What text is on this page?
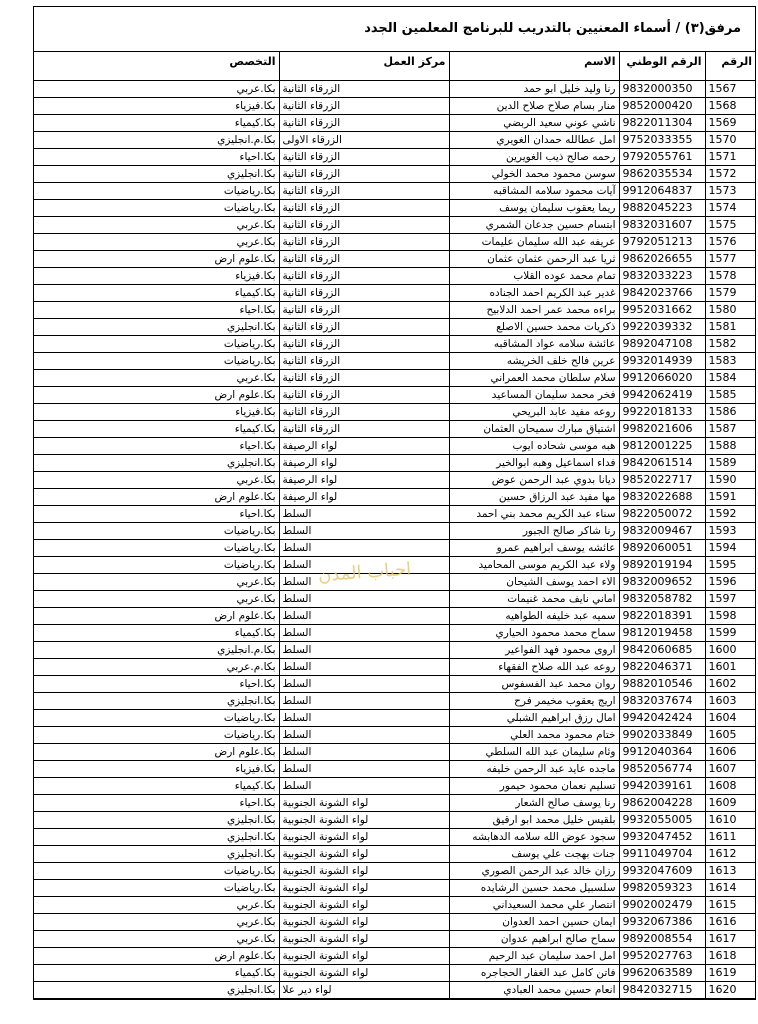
مرفق(٣) / أسماء المعنيين بالتدريب للبرنامج المعلمين الجدد
الرقم	الرقم الوطني	الاسم	مركز العمل	التخصص
1567	9832000350	رنا وليد خليل ابو حمد	الزرقاء الثانية	بكا.عربي
1568	9852000420	منار بسام صلاح صلاح الدين	الزرقاء الثانية	بكا.فيزياء
1569	9822011304	ناشي عوني سعيد الربضي	الزرقاء الثانية	بكا.كيمياء
1570	9752033355	امل عطالله حمدان الغويري	الزرقاء الاولى	بكا.م.انجليزي
1571	9792055761	رحمه صالح ذيب الغويرين	الزرقاء الثانية	بكا.احياء
1572	9862035534	سوسن محمود محمد الخولي	الزرقاء الثانية	بكا.انجليزي
1573	9912064837	آيات محمود سلامه المشاقبه	الزرقاء الثانية	بكا.رياضيات
1574	9882045223	ريما يعقوب سليمان يوسف	الزرقاء الثانية	بكا.رياضيات
1575	9832031607	ابتسام حسين جدعان الشمري	الزرقاء الثانية	بكا.عربي
1576	9792051213	عريفه عبد الله سليمان عليمات	الزرقاء الثانية	بكا.عربي
1577	9862026655	ثريا عبد الرحمن عثمان عثمان	الزرقاء الثانية	بكا.علوم ارض
1578	9832033223	تمام محمد عوده القلاب	الزرقاء الثانية	بكا.فيزياء
1579	9842023766	غدير عبد الكريم احمد الجناده	الزرقاء الثانية	بكا.كيمياء
1580	9952031662	براءه محمد عمر احمد الدلابيح	الزرقاء الثانية	بكا.احياء
1581	9922039332	ذكريات محمد حسين الاصلع	الزرقاء الثانية	بكا.انجليزي
1582	9892047108	عائشة سلامه عواد المشاقبه	الزرقاء الثانية	بكا.رياضيات
1583	9932014939	عرين فالح خلف الخريشه	الزرقاء الثانية	بكا.رياضيات
1584	9912066020	سلام سلطان محمد العمراني	الزرقاء الثانية	بكا.عربي
1585	9942062419	فخر محمد سليمان المساعيد	الزرقاء الثانية	بكا.علوم ارض
1586	9922018133	روعه مفيد عابد البريحي	الزرقاء الثانية	بكا.فيزياء
1587	9982021606	اشتياق مبارك سميحان العثمان	الزرقاء الثانية	بكا.كيمياء
1588	9812001225	هبه موسى شحاده ايوب	لواء الرصيفة	بكا.احياء
1589	9842061514	فداء اسماعيل وهبه ابوالخير	لواء الرصيفة	بكا.انجليزي
1590	9852022717	ديانا بدوي عبد الرحمن عوض	لواء الرصيفة	بكا.عربي
1591	9832022688	مها مفيد عبد الرزاق حسين	لواء الرصيفة	بكا.علوم ارض
1592	9822050072	سناء عبد الكريم محمد بني احمد	السلط	بكا.احياء
1593	9832009467	رنا شاكر صالح الجبور	السلط	بكا.رياضيات
1594	9892060051	عائشه يوسف ابراهيم عمرو	السلط	بكا.رياضيات
1595	9892019194	ولاء عبد الكريم موسى المحاميد	السلط	بكا.رياضيات
1596	9832009652	الاء احمد يوسف الشيحان	السلط	بكا.عربي
1597	9832058782	اماني نايف محمد غنيمات	السلط	بكا.عربي
1598	9822018391	سميه عبد خليفه الطواهيه	السلط	بكا.علوم ارض
1599	9812019458	سماح محمد محمود الحياري	السلط	بكا.كيمياء
1600	9842060685	اروى محمود فهد الفواعير	السلط	بكا.م.انجليزي
1601	9822046371	روعه عبد الله صلاح الفقهاء	السلط	بكا.م.عربي
1602	9882010546	روان محمد عبد الفسفوس	السلط	بكا.احياء
1603	9832037674	اريج يعقوب مخيمر فرح	السلط	بكا.انجليزي
1604	9942042424	امال رزق ابراهيم الشبلي	السلط	بكا.رياضيات
1605	9902033849	ختام محمود محمد العلي	السلط	بكا.رياضيات
1606	9912040364	وئام سليمان عبد الله السلطي	السلط	بكا.علوم ارض
1607	9852056774	ماجده عايد عبد الرحمن خليفه	السلط	بكا.فيزياء
1608	9942039161	تسليم نعمان محمود حيمور	السلط	بكا.كيمياء
1609	9862004228	رنا يوسف صالح الشعار	لواء الشونة الجنوبية	بكا.احياء
1610	9932055005	بلقيس خليل محمد ابو ارقيق	لواء الشونة الجنوبية	بكا.انجليزي
1611	9932047452	سجود عوض الله سلامه الدهابشه	لواء الشونة الجنوبية	بكا.انجليزي
1612	9911049704	جنات بهجت علي يوسف	لواء الشونة الجنوبية	بكا.انجليزي
1613	9932047609	رزان خالد عبد الرحمن الصوري	لواء الشونة الجنوبية	بكا.رياضيات
1614	9982059323	سلسبيل محمد حسين الرشايده	لواء الشونة الجنوبية	بكا.رياضيات
1615	9902002479	انتصار علي محمد السعيداني	لواء الشونة الجنوبية	بكا.عربي
1616	9932067386	ايمان حسين احمد العدوان	لواء الشونة الجنوبية	بكا.عربي
1617	9892008554	سماح صالح ابراهيم عدوان	لواء الشونة الجنوبية	بكا.عربي
1618	9952027763	امل احمد سليمان عبد الرحيم	لواء الشونة الجنوبية	بكا.علوم ارض
1619	9962063589	فاتن كامل عبد الغفار الحجاجره	لواء الشونة الجنوبية	بكا.كيمياء
1620	9842032715	انعام حسين محمد العبادي	لواء دير علا	بكا.انجليزي
احباب المدن
